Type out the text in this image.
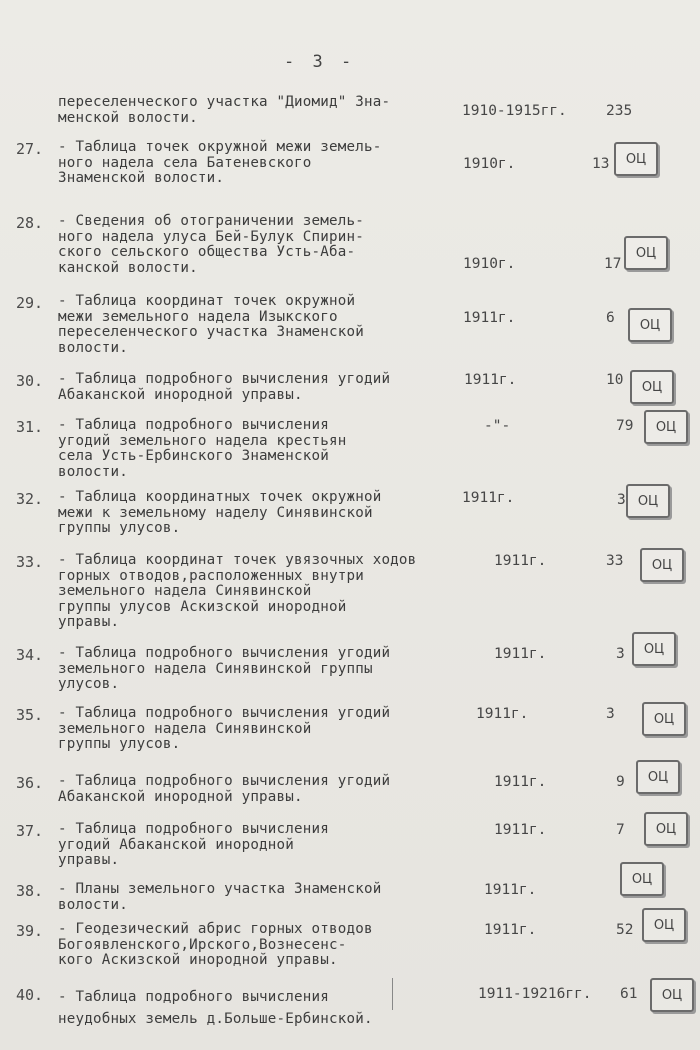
- 3 -
переселенческого участка "Диомид" Зна-
менской волости.	1910-1915гг.	235
27.	- Таблица точек окружной межи земель-
ного надела села Батеневского
Знаменской волости.
1910г.	13	ОЦ
28.	- Сведения об отограничении земель-
ного надела улуса Бей-Булук Спирин-
ского сельского общества Усть-Аба-
канской волости.	1910г.	17
ОЦ
29.	- Таблица координат точек окружной
межи земельного надела Изыкского
переселенческого участка Знаменской
волости.
1911г.	6	ОЦ
30.	- Таблица подробного вычисления угодий
Абаканской инородной управы.
1911г.	10	ОЦ
31.	- Таблица подробного вычисления
угодий земельного надела крестьян
села Усть-Ербинского Знаменской
волости.
-"-	79	ОЦ
32.	- Таблица координатных точек окружной
межи к земельному наделу Синявинской
группы улусов.
1911г.	3 ОЦ
33.	- Таблица координат точек увязочных ходов
горных отводов,расположенных внутри
земельного надела Синявинской
группы улусов Аскизской инородной
управы.
1911г.	33	ОЦ
34.	- Таблица подробного вычисления угодий
земельного надела Синявинской группы
улусов.
1911г.	3	ОЦ
35.	- Таблица подробного вычисления угодий
земельного надела Синявинской
группы улусов.
1911г.	3	ОЦ
36.	- Таблица подробного вычисления угодий
Абаканской инородной управы.
1911г.	9	ОЦ
37.	- Таблица подробного вычисления
угодий Абаканской инородной
управы.
1911г.	7	ОЦ
38.	- Планы земельного участка Знаменской
волости.
1911г.
ОЦ
39.	- Геодезический абрис горных отводов
Богоявленского,Ирского,Вознесенс-
кого Аскизской инородной управы.
1911г.	52	ОЦ
40.	- Таблица подробного вычисления
неудобных земель д.Больше-Ербинской.
1911-19216гг. 61	ОЦ
